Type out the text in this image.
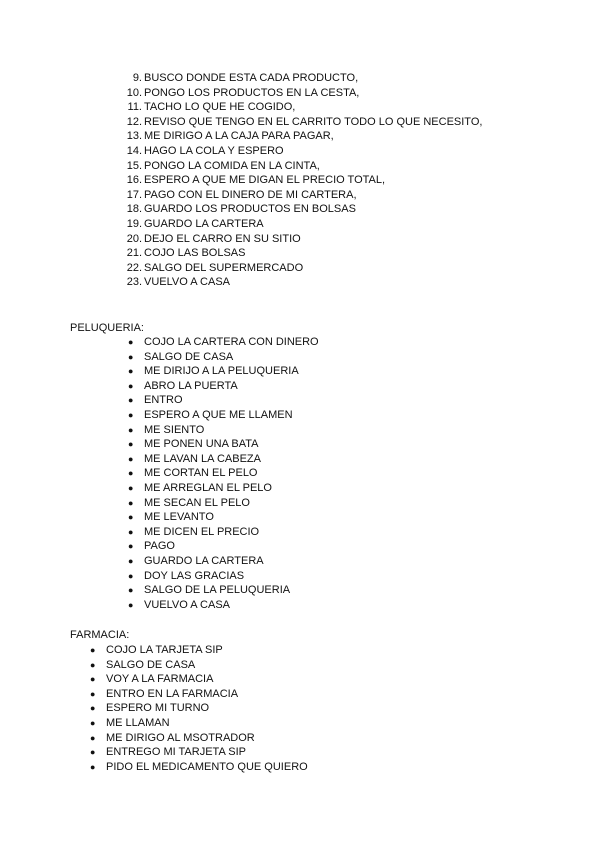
9. BUSCO DONDE ESTA CADA PRODUCTO,
10. PONGO LOS PRODUCTOS EN LA CESTA,
11. TACHO LO QUE HE COGIDO,
12. REVISO QUE TENGO EN EL CARRITO TODO LO QUE NECESITO,
13. ME DIRIGO A LA CAJA PARA PAGAR,
14. HAGO LA COLA Y ESPERO
15. PONGO LA COMIDA EN LA CINTA,
16. ESPERO A QUE ME DIGAN EL PRECIO TOTAL,
17. PAGO CON EL DINERO DE MI CARTERA,
18. GUARDO LOS PRODUCTOS EN BOLSAS
19. GUARDO LA CARTERA
20. DEJO EL CARRO EN SU SITIO
21. COJO LAS BOLSAS
22. SALGO DEL SUPERMERCADO
23. VUELVO A CASA
PELUQUERIA:
● COJO LA CARTERA CON DINERO
● SALGO DE CASA
● ME DIRIJO A LA PELUQUERIA
● ABRO LA PUERTA
● ENTRO
● ESPERO A QUE ME LLAMEN
● ME SIENTO
● ME PONEN UNA BATA
● ME LAVAN LA CABEZA
● ME CORTAN EL PELO
● ME ARREGLAN EL PELO
● ME SECAN EL PELO
● ME LEVANTO
● ME DICEN EL PRECIO
● PAGO
● GUARDO LA CARTERA
● DOY LAS GRACIAS
● SALGO DE LA PELUQUERIA
● VUELVO A CASA
FARMACIA:
● COJO LA TARJETA SIP
● SALGO DE CASA
● VOY A LA FARMACIA
● ENTRO EN LA FARMACIA
● ESPERO MI TURNO
● ME LLAMAN
● ME DIRIGO AL MSOTRADOR
● ENTREGO MI TARJETA SIP
● PIDO EL MEDICAMENTO QUE QUIERO
